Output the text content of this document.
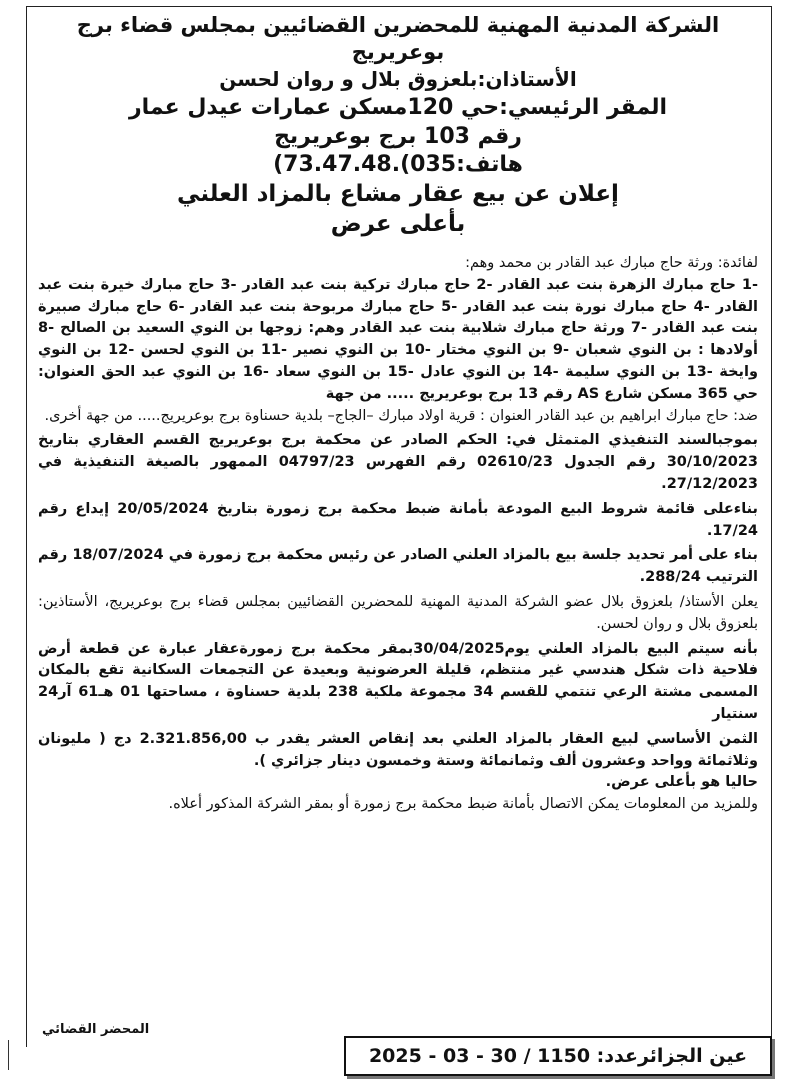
الشركة المدنية المهنية للمحضرين القضائيين بمجلس قضاء برج بوعريريج
الأستاذان:بلعزوق بلال و روان لحسن
المقر الرئيسي:حي 120مسكن عمارات عيدل عمار
رقم 103 برج بوعريريج
هاتف:035).73.47.48)
إعلان عن بيع عقار مشاع بالمزاد العلني
بأعلى عرض

لفائدة: ورثة حاج مبارك عبد القادر بن محمد وهم:

-1 حاج مبارك الزهرة بنت عبد القادر -2 حاج مبارك تركية بنت عبد القادر -3 حاج مبارك خيرة بنت عبد القادر -4 حاج مبارك نورة بنت عبد القادر -5 حاج مبارك مربوحة بنت عبد القادر -6 حاج مبارك صبيرة بنت عبد القادر -7 ورثة حاج مبارك شلابية بنت عبد القادر وهم: زوجها بن النوي السعيد بن الصالح -8 أولادها : بن النوي شعبان -9 بن النوي مختار -10 بن النوي نصير -11 بن النوي لحسن -12 بن النوي وايخة -13 بن النوي سليمة -14 بن النوي عادل -15 بن النوي سعاد -16 بن النوي عبد الحق العنوان: حي 365 مسكن شارع AS رقم 13 برج بوعريريج ..... من جهة

ضد: حاج مبارك ابراهيم بن عبد القادر العنوان : قرية اولاد مبارك –الجاج– بلدية حسناوة برج بوعريريج..... من جهة أخرى.

بموجبالسند التنفيذي المتمثل في: الحكم الصادر عن محكمة برج بوعريريج القسم العقاري بتاريخ 30/10/2023 رقم الجدول 02610/23 رقم الفهرس 04797/23 الممهور بالصيغة التنفيذية في 27/12/2023.

بناءعلى قائمة شروط البيع المودعة بأمانة ضبط محكمة برج زمورة بتاريخ 20/05/2024 إيداع رقم 17/24.

بناء على أمر تحديد جلسة بيع بالمزاد العلني الصادر عن رئيس محكمة برج زمورة في 18/07/2024 رقم الترتيب 288/24.

يعلن الأستاذ/ بلعزوق بلال عضو الشركة المدنية المهنية للمحضرين القضائيين بمجلس قضاء برج بوعريريج، الأستاذين: بلعزوق بلال و روان لحسن.

بأنه سيتم البيع بالمزاد العلني يوم30/04/2025بمقر محكمة برج زمورةعقار عبارة عن قطعة أرض فلاحية ذات شكل هندسي غير منتظم، قليلة العرضونية وبعيدة عن التجمعات السكانية تقع بالمكان المسمى مشتة الرعي تنتمي للقسم 34 مجموعة ملكية 238 بلدية حسناوة ، مساحتها 01 هـ61 آر24 سنتيار

الثمن الأساسي لبيع العقار بالمزاد العلني بعد إنقاص العشر يقدر ب 2.321.856,00 دج ( مليونان وثلاثمائة وواحد وعشرون ألف وثمانمائة وستة وخمسون دينار جزائري ).

حاليا هو بأعلى عرض.

وللمزيد من المعلومات يمكن الاتصال بأمانة ضبط محكمة برج زمورة أو بمقر الشركة المذكور أعلاه.

المحضر القضائي
عين الجزائرعدد: 1150 / 30 - 03 - 2025
